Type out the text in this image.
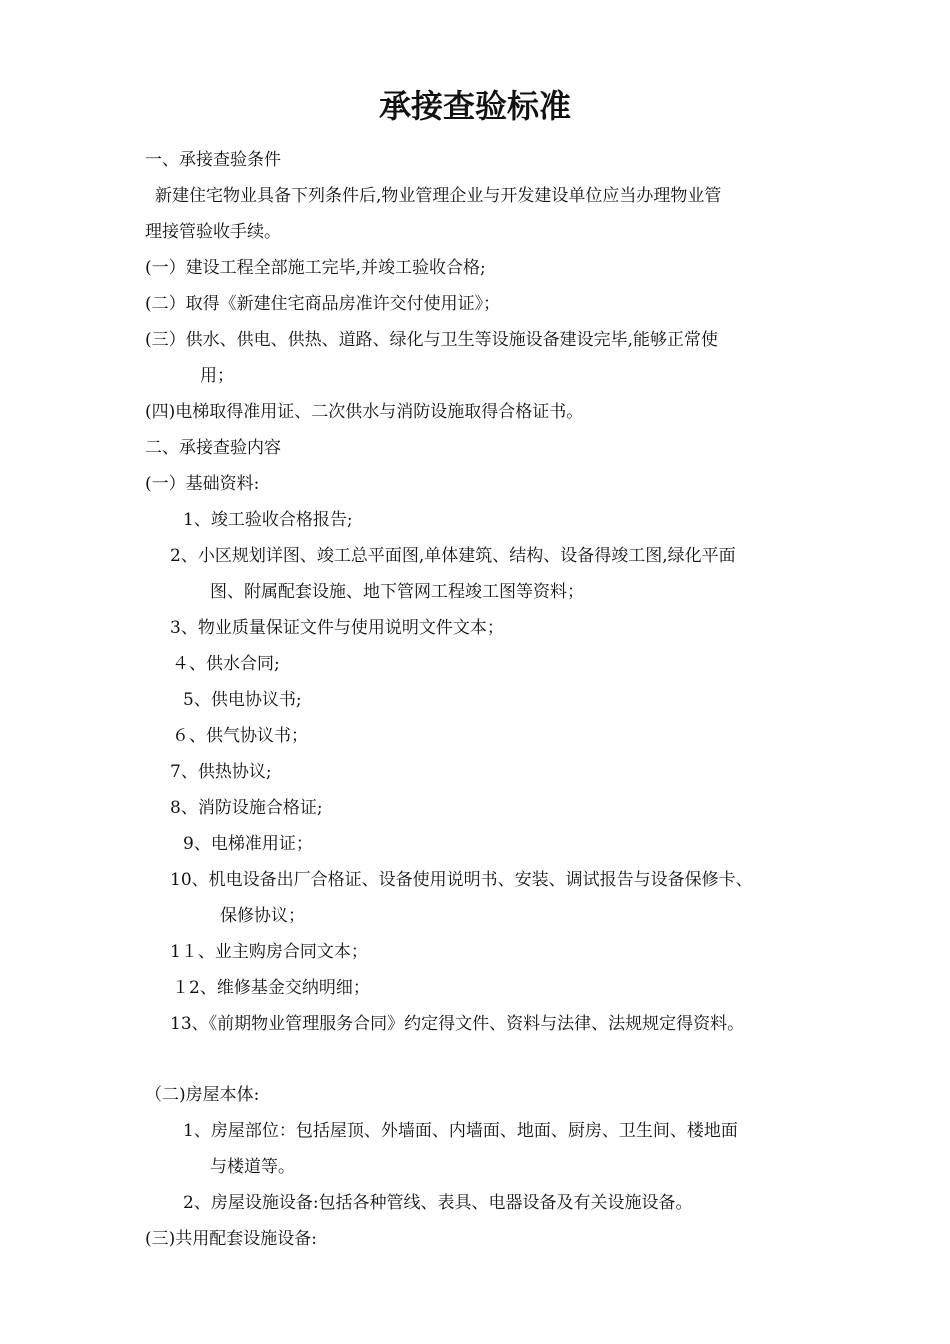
承接查验标准

一、承接查验条件

新建住宅物业具备下列条件后,物业管理企业与开发建设单位应当办理物业管

理接管验收手续。

(一）建设工程全部施工完毕,并竣工验收合格;

(二）取得《新建住宅商品房准许交付使用证》；

(三）供水、供电、供热、道路、绿化与卫生等设施设备建设完毕,能够正常使

用；

(四)电梯取得准用证、二次供水与消防设施取得合格证书。

二、承接查验内容

(一）基础资料:

1、竣工验收合格报告;

2、小区规划详图、竣工总平面图,单体建筑、结构、设备得竣工图,绿化平面

图、附属配套设施、地下管网工程竣工图等资料；

3、物业质量保证文件与使用说明文件文本；

４、供水合同;

5、供电协议书;

６、供气协议书；

7、供热协议;

8、消防设施合格证;

9、电梯准用证；

10、机电设备出厂合格证、设备使用说明书、安装、调试报告与设备保修卡、

保修协议；

1１、业主购房合同文本；

１2、维修基金交纳明细；

13、《前期物业管理服务合同》约定得文件、资料与法律、法规规定得资料。

（二)房屋本体:

1、房屋部位：包括屋顶、外墙面、内墙面、地面、厨房、卫生间、楼地面

与楼道等。

2、房屋设施设备:包括各种管线、表具、电器设备及有关设施设备。

(三)共用配套设施设备:
